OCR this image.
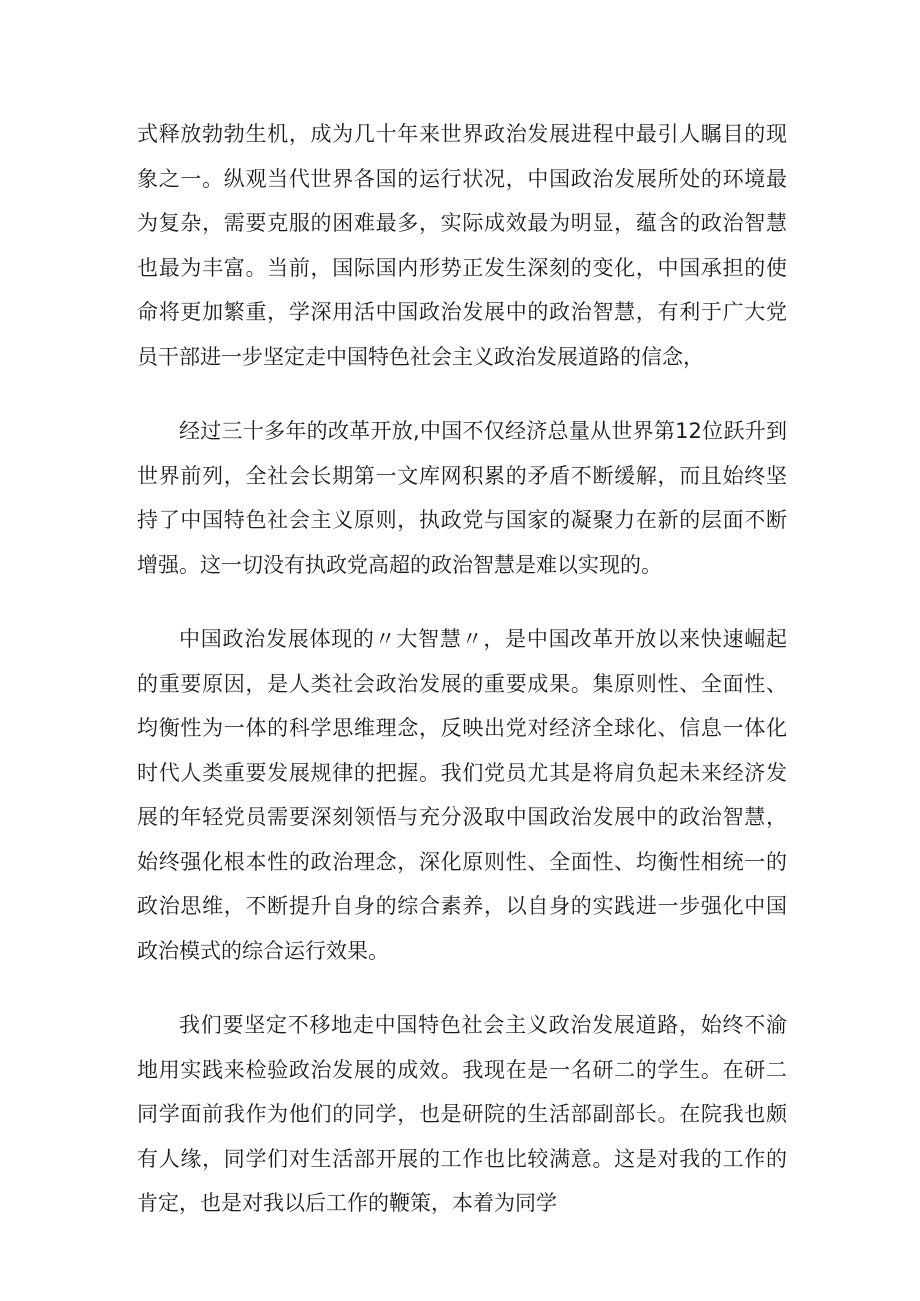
式释放勃勃生机，成为几十年来世界政治发展进程中最引人瞩目的现象之一。纵观当代世界各国的运行状况，中国政治发展所处的环境最为复杂，需要克服的困难最多，实际成效最为明显，蕴含的政治智慧也最为丰富。当前，国际国内形势正发生深刻的变化，中国承担的使命将更加繁重，学深用活中国政治发展中的政治智慧，有利于广大党员干部进一步坚定走中国特色社会主义政治发展道路的信念，

经过三十多年的改革开放,中国不仅经济总量从世界第12位跃升到世界前列，全社会长期第一文库网积累的矛盾不断缓解，而且始终坚持了中国特色社会主义原则，执政党与国家的凝聚力在新的层面不断增强。这一切没有执政党高超的政治智慧是难以实现的。

中国政治发展体现的〃大智慧〃，是中国改革开放以来快速崛起的重要原因，是人类社会政治发展的重要成果。集原则性、全面性、均衡性为一体的科学思维理念，反映出党对经济全球化、信息一体化时代人类重要发展规律的把握。我们党员尤其是将肩负起未来经济发展的年轻党员需要深刻领悟与充分汲取中国政治发展中的政治智慧，始终强化根本性的政治理念，深化原则性、全面性、均衡性相统一的政治思维，不断提升自身的综合素养，以自身的实践进一步强化中国政治模式的综合运行效果。

我们要坚定不移地走中国特色社会主义政治发展道路，始终不渝地用实践来检验政治发展的成效。我现在是一名研二的学生。在研二同学面前我作为他们的同学，也是研院的生活部副部长。在院我也颇有人缘，同学们对生活部开展的工作也比较满意。这是对我的工作的肯定，也是对我以后工作的鞭策，本着为同学
